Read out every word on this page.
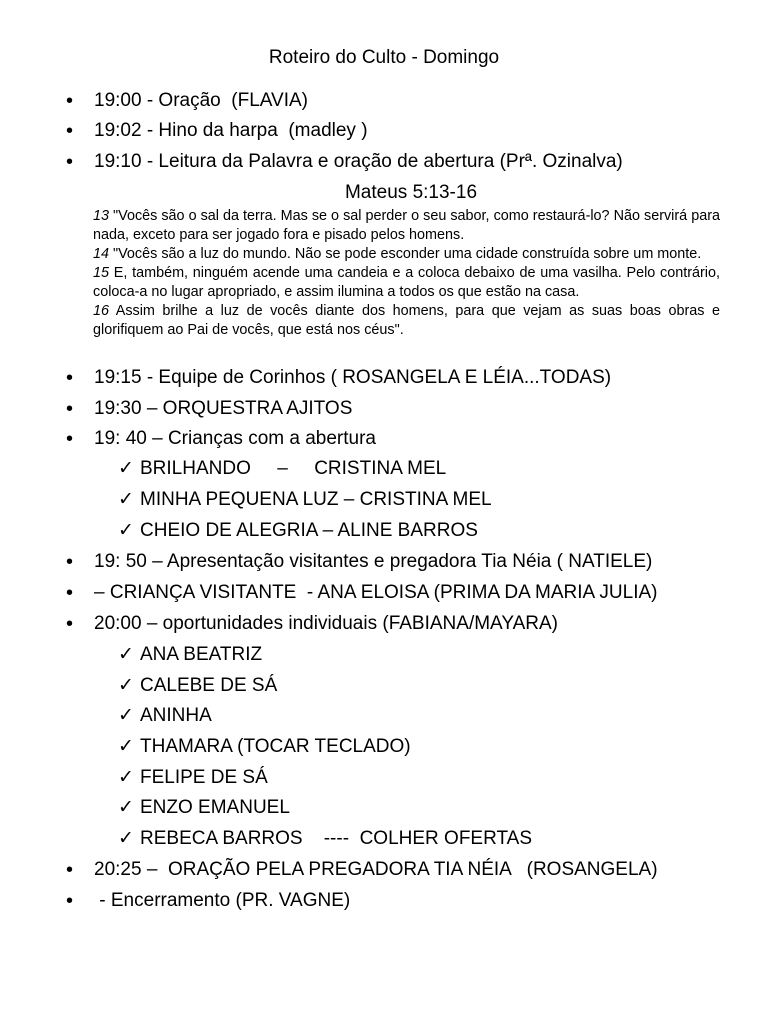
Roteiro do Culto - Domingo
• 19:00 - Oração  (FLAVIA)
• 19:02 - Hino da harpa  (madley )
• 19:10 - Leitura da Palavra e oração de abertura (Prª. Ozinalva)
Mateus 5:13-16

13 "Vocês são o sal da terra. Mas se o sal perder o seu sabor, como restaurá-lo? Não servirá para nada, exceto para ser jogado fora e pisado pelos homens.

14 "Vocês são a luz do mundo. Não se pode esconder uma cidade construída sobre um monte.

15 E, também, ninguém acende uma candeia e a coloca debaixo de uma vasilha. Pelo contrário, coloca-a no lugar apropriado, e assim ilumina a todos os que estão na casa.

16 Assim brilhe a luz de vocês diante dos homens, para que vejam as suas boas obras e glorifiquem ao Pai de vocês, que está nos céus".

• 19:15 - Equipe de Corinhos ( ROSANGELA E LÉIA...TODAS)
• 19:30 – ORQUESTRA AJITOS
• 19: 40 – Crianças com a abertura
✓ BRILHANDO     –     CRISTINA MEL
✓ MINHA PEQUENA LUZ – CRISTINA MEL
✓ CHEIO DE ALEGRIA – ALINE BARROS
• 19: 50 – Apresentação visitantes e pregadora Tia Néia ( NATIELE)
• – CRIANÇA VISITANTE  - ANA ELOISA (PRIMA DA MARIA JULIA)
• 20:00 – oportunidades individuais (FABIANA/MAYARA)
✓ ANA BEATRIZ
✓ CALEBE DE SÁ
✓ ANINHA
✓ THAMARA (TOCAR TECLADO)
✓ FELIPE DE SÁ
✓ ENZO EMANUEL
✓ REBECA BARROS    ----  COLHER OFERTAS
• 20:25 –  ORAÇÃO PELA PREGADORA TIA NÉIA   (ROSANGELA)
• - Encerramento (PR. VAGNE)
